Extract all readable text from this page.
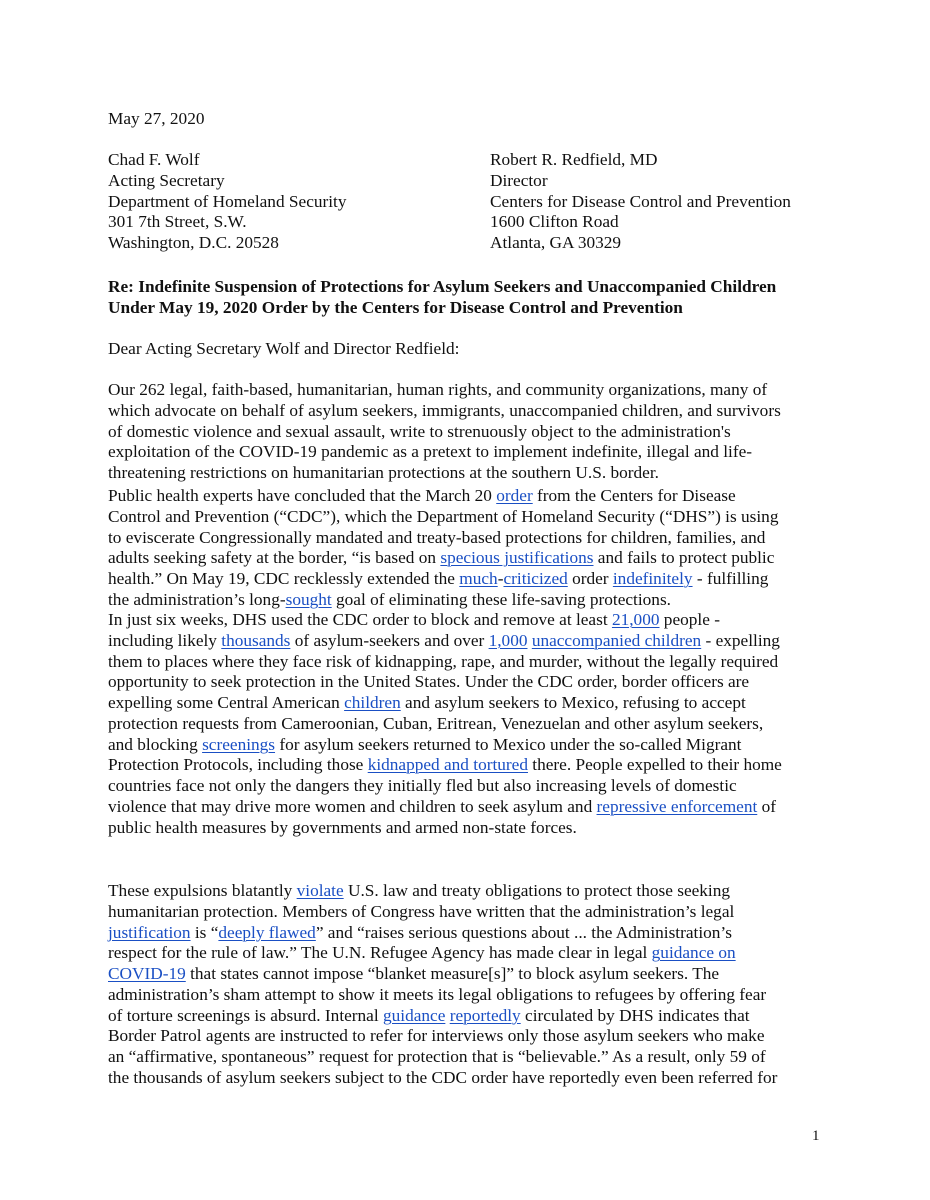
May 27, 2020
Chad F. Wolf
Acting Secretary
Department of Homeland Security
301 7th Street, S.W.
Washington, D.C. 20528
Robert R. Redfield, MD
Director
Centers for Disease Control and Prevention
1600 Clifton Road
Atlanta, GA 30329
Re: Indefinite Suspension of Protections for Asylum Seekers and Unaccompanied Children
Under May 19, 2020 Order by the Centers for Disease Control and Prevention
Dear Acting Secretary Wolf and Director Redfield:
Our 262 legal, faith-based, humanitarian, human rights, and community organizations, many of
which advocate on behalf of asylum seekers, immigrants, unaccompanied children, and survivors
of domestic violence and sexual assault, write to strenuously object to the administration's
exploitation of the COVID-19 pandemic as a pretext to implement indefinite, illegal and life-
threatening restrictions on humanitarian protections at the southern U.S. border.
Public health experts have concluded that the March 20 order from the Centers for Disease
Control and Prevention (“CDC”), which the Department of Homeland Security (“DHS”) is using
to eviscerate Congressionally mandated and treaty-based protections for children, families, and
adults seeking safety at the border, “is based on specious justifications and fails to protect public
health.” On May 19, CDC recklessly extended the much-criticized order indefinitely - fulfilling
the administration’s long-sought goal of eliminating these life-saving protections.
In just six weeks, DHS used the CDC order to block and remove at least 21,000 people -
including likely thousands of asylum-seekers and over 1,000 unaccompanied children - expelling
them to places where they face risk of kidnapping, rape, and murder, without the legally required
opportunity to seek protection in the United States. Under the CDC order, border officers are
expelling some Central American children and asylum seekers to Mexico, refusing to accept
protection requests from Cameroonian, Cuban, Eritrean, Venezuelan and other asylum seekers,
and blocking screenings for asylum seekers returned to Mexico under the so-called Migrant
Protection Protocols, including those kidnapped and tortured there. People expelled to their home
countries face not only the dangers they initially fled but also increasing levels of domestic
violence that may drive more women and children to seek asylum and repressive enforcement of
public health measures by governments and armed non-state forces.
These expulsions blatantly violate U.S. law and treaty obligations to protect those seeking
humanitarian protection. Members of Congress have written that the administration’s legal
justification is “deeply flawed” and “raises serious questions about ... the Administration’s
respect for the rule of law.” The U.N. Refugee Agency has made clear in legal guidance on
COVID-19 that states cannot impose “blanket measure[s]” to block asylum seekers. The
administration’s sham attempt to show it meets its legal obligations to refugees by offering fear
of torture screenings is absurd. Internal guidance reportedly circulated by DHS indicates that
Border Patrol agents are instructed to refer for interviews only those asylum seekers who make
an “affirmative, spontaneous” request for protection that is “believable.” As a result, only 59 of
the thousands of asylum seekers subject to the CDC order have reportedly even been referred for
1
